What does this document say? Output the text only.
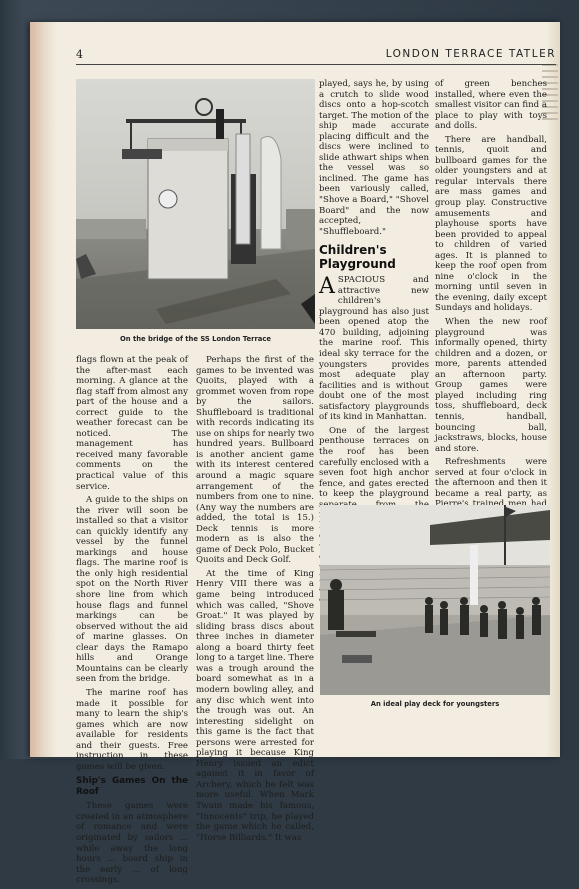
4	LONDON TERRACE TATLER
On the bridge of the SS London Terrace

flags flown at the peak of the after-mast each morning. A glance at the flag staff from almost any part of the house and a correct guide to the weather forecast can be noticed. The management has received many favorable comments on the practical value of this service.

A guide to the ships on the river will soon be installed so that a visitor can quickly identify any vessel by the funnel markings and house flags. The marine roof is the only high residential spot on the North River shore line from which house flags and funnel markings can be observed without the aid of marine glasses. On clear days the Ramapo hills and Orange Mountains can be clearly seen from the bridge.

The marine roof has made it possible for many to learn the ship's games which are now available for residents and their guests. Free instruction in these games will be given.

Ship's Games On the Roof

These games were created in an atmosphere of romance and were originated by sailors ... while away the long hours ... board ship in the early ... of long crossings.

Perhaps the first of the games to be invented was Quoits, played with a grommet woven from rope by the sailors. Shuffleboard is traditional with records indicating its use on ships for nearly two hundred years. Bullboard is another ancient game with its interest centered around a magic square arrangement of the numbers from one to nine. (Any way the numbers are added, the total is 15.) Deck tennis is more modern as is also the game of Deck Polo, Bucket Quoits and Deck Golf.

At the time of King Henry VIII there was a game being introduced which was called, "Shove Groat." It was played by sliding brass discs about three inches in diameter along a board thirty feet long to a target line. There was a trough around the board somewhat as in a modern bowling alley, and any disc which went into the trough was out. An interesting sidelight on this game is the fact that persons were arrested for playing it because King Henry issued an edict against it in favor of Archery, which he felt was more useful. When Mark Twain made his famous, "Innocents" trip, he played the game which he called, "Horse Billiards." It was

played, says he, by using a crutch to slide wood discs onto a hop-scotch target. The motion of the ship made accurate placing difficult and the discs were inclined to slide athwart ships when the vessel was so inclined. The game has been variously called, "Shove a Board," "Shovel Board" and the now accepted, "Shuffleboard."

Children's Playground

ASPACIOUS and attractive new children's playground has also just been opened atop the 470 building, adjoining the marine roof. This ideal sky terrace for the youngsters provides most adequate play facilities and is without doubt one of the most satisfactory playgrounds of its kind in Manhattan.

One of the largest penthouse terraces on the roof has been carefully enclosed with a seven foot high anchor fence, and gates erected to keep the playground

of green benches installed, where even the smallest visitor can find a place to play with toys and dolls.

There are handball, tennis, quoit and bullboard games for the older youngsters and at regular intervals there are mass games and group play. Constructive amusements and playhouse sports have been provided to appeal to children of varied ages. It is planned to keep the roof open from nine o'clock in the morning until seven in the evening, daily except Sundays and holidays.

When the new roof playground was informally opened, thirty children and a dozen, or more, parents attended an afternoon party. Group games were played including ring toss, shuffleboard, deck tennis, handball, bouncing ball, jackstraws, blocks, house and store.

Refreshments were served at four o'clock in the afternoon and then it became a real party, as

An ideal play deck for youngsters
